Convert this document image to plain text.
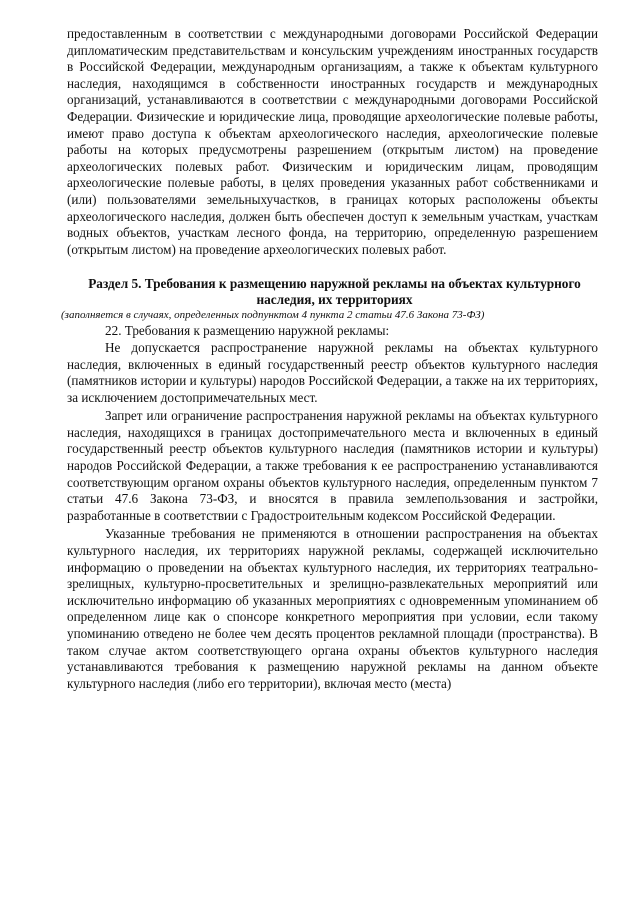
предоставленным в соответствии с международными договорами Российской Федерации дипломатическим представительствам и консульским учреждениям иностранных государств в Российской Федерации, международным организациям, а также к объектам культурного наследия, находящимся в собственности иностранных государств и международных организаций, устанавливаются в соответствии с международными договорами Российской Федерации. Физические и юридические лица, проводящие археологические полевые работы, имеют право доступа к объектам археологического наследия, археологические полевые работы на которых предусмотрены разрешением (открытым листом) на проведение археологических полевых работ. Физическим и юридическим лицам, проводящим археологические полевые работы, в целях проведения указанных работ собственниками и (или) пользователями земельныхучастков, в границах которых расположены объекты археологического наследия, должен быть обеспечен доступ к земельным участкам, участкам водных объектов, участкам лесного фонда, на территорию, определенную разрешением (открытым листом) на проведение археологических полевых работ.

Раздел 5. Требования к размещению наружной рекламы на объектах культурного наследия, их территориях

(заполняется в случаях, определенных подпунктом 4 пункта 2 статьи 47.6 Закона 73-ФЗ)

22. Требования к размещению наружной рекламы:

Не допускается распространение наружной рекламы на объектах культурного наследия, включенных в единый государственный реестр объектов культурного наследия (памятников истории и культуры) народов Российской Федерации, а также на их территориях, за исключением достопримечательных мест.

Запрет или ограничение распространения наружной рекламы на объектах культурного наследия, находящихся в границах достопримечательного места и включенных в единый государственный реестр объектов культурного наследия (памятников истории и культуры) народов Российской Федерации, а также требования к ее распространению устанавливаются соответствующим органом охраны объектов культурного наследия, определенным пунктом 7 статьи 47.6 Закона 73-ФЗ, и вносятся в правила землепользования и застройки, разработанные в соответствии с Градостроительным кодексом Российской Федерации.

Указанные требования не применяются в отношении распространения на объектах культурного наследия, их территориях наружной рекламы, содержащей исключительно информацию о проведении на объектах культурного наследия, их территориях театрально-зрелищных, культурно-просветительных и зрелищно-развлекательных мероприятий или исключительно информацию об указанных мероприятиях с одновременным упоминанием об определенном лице как о спонсоре конкретного мероприятия при условии, если такому упоминанию отведено не более чем десять процентов рекламной площади (пространства). В таком случае актом соответствующего органа охраны объектов культурного наследия устанавливаются требования к размещению наружной рекламы на данном объекте культурного наследия (либо его территории), включая место (места)
